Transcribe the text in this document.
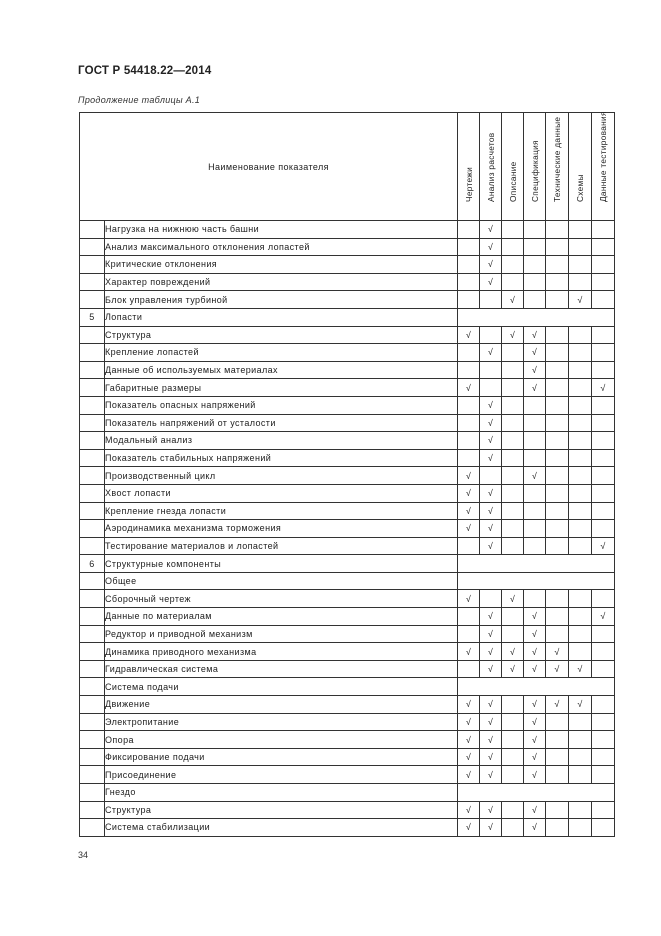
ГОСТ Р 54418.22—2014
Продолжение таблицы А.1
Наименование показателя		Чертежи	Анализ расчетов	Описание	Спецификация	Технические данные	Схемы	Данные тестирования

	Нагрузка на нижнюю часть башни		√					
	Анализ максимального отклонения лопастей		√					
	Критические отклонения		√					
	Характер повреждений		√					
	Блок управления турбиной			√			√	
5	Лопасти							
	Структура	√		√	√			
	Крепление лопастей		√		√			
	Данные об используемых материалах				√			
	Габаритные размеры	√			√			√
	Показатель опасных напряжений		√					
	Показатель напряжений от усталости		√					
	Модальный анализ		√					
	Показатель стабильных напряжений		√					
	Производственный цикл	√			√			
	Хвост лопасти	√	√					
	Крепление гнезда лопасти	√	√					
	Аэродинамика механизма торможения	√	√					
	Тестирование материалов и лопастей		√					√
6	Структурные компоненты							
	Общее							
	Сборочный чертеж	√		√				
	Данные по материалам		√		√			√
	Редуктор и приводной механизм		√		√			
	Динамика приводного механизма	√	√	√	√	√		
	Гидравлическая система		√	√	√	√	√	
	Система подачи							
	Движение	√	√		√	√	√	
	Электропитание	√	√		√			
	Опора	√	√		√			
	Фиксирование подачи	√	√		√			
	Присоединение	√	√		√			
	Гнездо							
	Структура	√	√		√			
	Система стабилизации	√	√		√			
34
